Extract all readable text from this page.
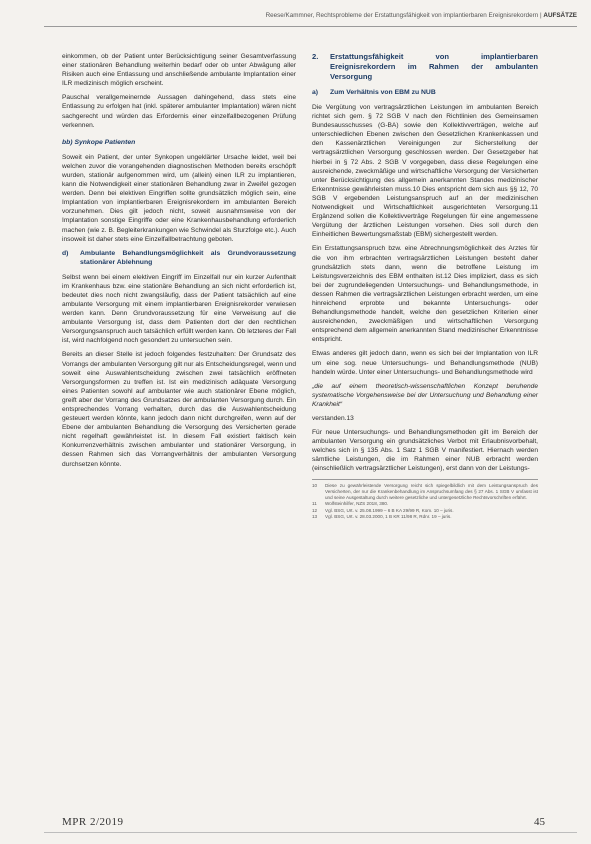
Reese/Kammner, Rechtsprobleme der Erstattungsfähigkeit von implantierbaren Ereignisrekordern | AUFSÄTZE

einkommen, ob der Patient unter Berücksichtigung seiner Gesamtverfassung einer stationären Behandlung weiterhin bedarf oder ob unter Abwägung aller Risiken auch eine Entlassung und anschließende ambulante Implantation einer ILR medizinisch möglich erscheint.

Pauschal verallgemeinernde Aussagen dahingehend, dass stets eine Entlassung zu erfolgen hat (inkl. späterer ambulanter Implantation) wären nicht sachgerecht und würden das Erfordernis einer einzelfallbezogenen Prüfung verkennen.

bb) Synkope Patienten

Soweit ein Patient, der unter Synkopen ungeklärter Ursache leidet, weil bei welchen zuvor die vorangehenden diagnostischen Methoden bereits erschöpft wurden, stationär aufgenommen wird, um (allein) einen ILR zu implantieren, kann die Notwendigkeit einer stationären Behandlung zwar in Zweifel gezogen werden. Denn bei elektiven Eingriffen sollte grundsätzlich möglich sein, eine Implantation von implantierbaren Ereignisrekordern im ambulanten Bereich vorzunehmen. Dies gilt jedoch nicht, soweit ausnahmsweise von der Implantation sonstige Eingriffe oder eine Krankenhausbehandlung erforderlich machen (wie z. B. Begleiterkrankungen wie Schwindel als Sturzfolge etc.). Auch insoweit ist daher stets eine Einzelfallbetrachtung geboten.

d)	Ambulante Behandlungsmöglichkeit als Grundvoraussetzung stationärer Ablehnung

Selbst wenn bei einem elektiven Eingriff im Einzelfall nur ein kurzer Aufenthalt im Krankenhaus bzw. eine stationäre Behandlung an sich nicht erforderlich ist, bedeutet dies noch nicht zwangsläufig, dass der Patient tatsächlich auf eine ambulante Versorgung mit einem implantierbaren Ereignisrekorder verwiesen werden kann. Denn Grundvoraussetzung für eine Verweisung auf die ambulante Versorgung ist, dass dem Patienten dort der den rechtlichen Versorgungsanspruch auch tatsächlich erfüllt werden kann. Ob letzteres der Fall ist, wird nachfolgend noch gesondert zu untersuchen sein.

Bereits an dieser Stelle ist jedoch folgendes festzuhalten: Der Grundsatz des Vorrangs der ambulanten Versorgung gilt nur als Entscheidungsregel, wenn und soweit eine Auswahlentscheidung zwischen zwei tatsächlich eröffneten Versorgungsformen zu treffen ist. Ist ein medizinisch adäquate Versorgung eines Patienten sowohl auf ambulanter wie auch stationärer Ebene möglich, greift aber der Vorrang des Grundsatzes der ambulanten Versorgung durch. Ein entsprechendes Vorrang verhalten, durch das die Auswahlentscheidung gesteuert werden könnte, kann jedoch dann nicht durchgreifen, wenn auf der Ebene der ambulanten Behandlung die Versorgung des Versicherten gerade nicht regelhaft gewährleistet ist. In diesem Fall existiert faktisch kein Konkurrenzverhältnis zwischen ambulanter und stationärer Versorgung, in dessen Rahmen sich das Vorrangverhältnis der ambulanten Versorgung durchsetzen könnte.

2.	Erstattungsfähigkeit von implantierbaren Ereignisrekordern im Rahmen der ambulanten Versorgung
a)	Zum Verhältnis von EBM zu NUB

Die Vergütung von vertragsärztlichen Leistungen im ambulanten Bereich richtet sich gem. § 72 SGB V nach den Richtlinien des Gemeinsamen Bundesausschusses (G-BA) sowie den Kollektivverträgen, welche auf unterschiedlichen Ebenen zwischen den Gesetzlichen Krankenkassen und den Kassenärztlichen Vereinigungen zur Sicherstellung der vertragsärztlichen Versorgung geschlossen werden. Der Gesetzgeber hat hierbei in § 72 Abs. 2 SGB V vorgegeben, dass diese Regelungen eine ausreichende, zweckmäßige und wirtschaftliche Versorgung der Versicherten unter Berücksichtigung des allgemein anerkannten Standes medizinischer Erkenntnisse gewährleisten muss.10 Dies entspricht dem sich aus §§ 12, 70 SGB V ergebenden Leistungsanspruch auf an der medizinischen Notwendigkeit und Wirtschaftlichkeit ausgerichteten Versorgung.11 Ergänzend sollen die Kollektivverträge Regelungen für eine angemessene Vergütung der ärztlichen Leistungen vorsehen. Dies soll durch den Einheitlichen Bewertungsmaßstab (EBM) sichergestellt werden.

Ein Erstattungsanspruch bzw. eine Abrechnungsmöglichkeit des Arztes für die von ihm erbrachten vertragsärztlichen Leistungen besteht daher grundsätzlich stets dann, wenn die betroffene Leistung im Leistungsverzeichnis des EBM enthalten ist.12 Dies impliziert, dass es sich bei der zugrundeliegenden Untersuchungs- und Behandlungsmethode, in dessen Rahmen die vertragsärztlichen Leistungen erbracht werden, um eine hinreichend erprobte und bekannte Untersuchungs- oder Behandlungsmethode handelt, welche den gesetzlichen Kriterien einer ausreichenden, zweckmäßigen und wirtschaftlichen Versorgung entsprechend dem allgemein anerkannten Stand medizinischer Erkenntnisse entspricht.

Etwas anderes gilt jedoch dann, wenn es sich bei der Implantation von ILR um eine sog. neue Untersuchungs- und Behandlungsmethode (NUB) handeln würde. Unter einer Untersuchungs- und Behandlungsmethode wird

„die auf einem theoretisch-wissenschaftlichen Konzept beruhende systematische Vorgehensweise bei der Untersuchung und Behandlung einer Krankheit“

verstanden.13

Für neue Untersuchungs- und Behandlungsmethoden gilt im Bereich der ambulanten Versorgung ein grundsätzliches Verbot mit Erlaubnisvorbehalt, welches sich in § 135 Abs. 1 Satz 1 SGB V manifestiert. Hiernach werden sämtliche Leistungen, die im Rahmen einer NUB erbracht werden (einschließlich vertragsärztlicher Leistungen), erst dann von der Leistungs-

10	Diese zu gewährleistende Versorgung reicht sich spiegelbildlich mit dem Leistungsanspruch des Versicherten, der nur die Krankenbehandlung im Anspruchsumfang des § 27 Abs. 1 SGB V umfasst ist und seine Ausgestaltung durch weitere gesetzliche und untergesetzliche Rechtsvorschriften erfährt.
11	Wolfsteinhilfer, NZS 2018, 380.
12	Vgl. BSG, Urt. v. 25.08.1999 – 6 B KA 29/99 R, Kom. 10 – juris.
13	Vgl. BSG, Urt. v. 28.03.2000, 1 B KR 11/98 R, Rdnr. 19 – juris.
MPR 2/2019	45
